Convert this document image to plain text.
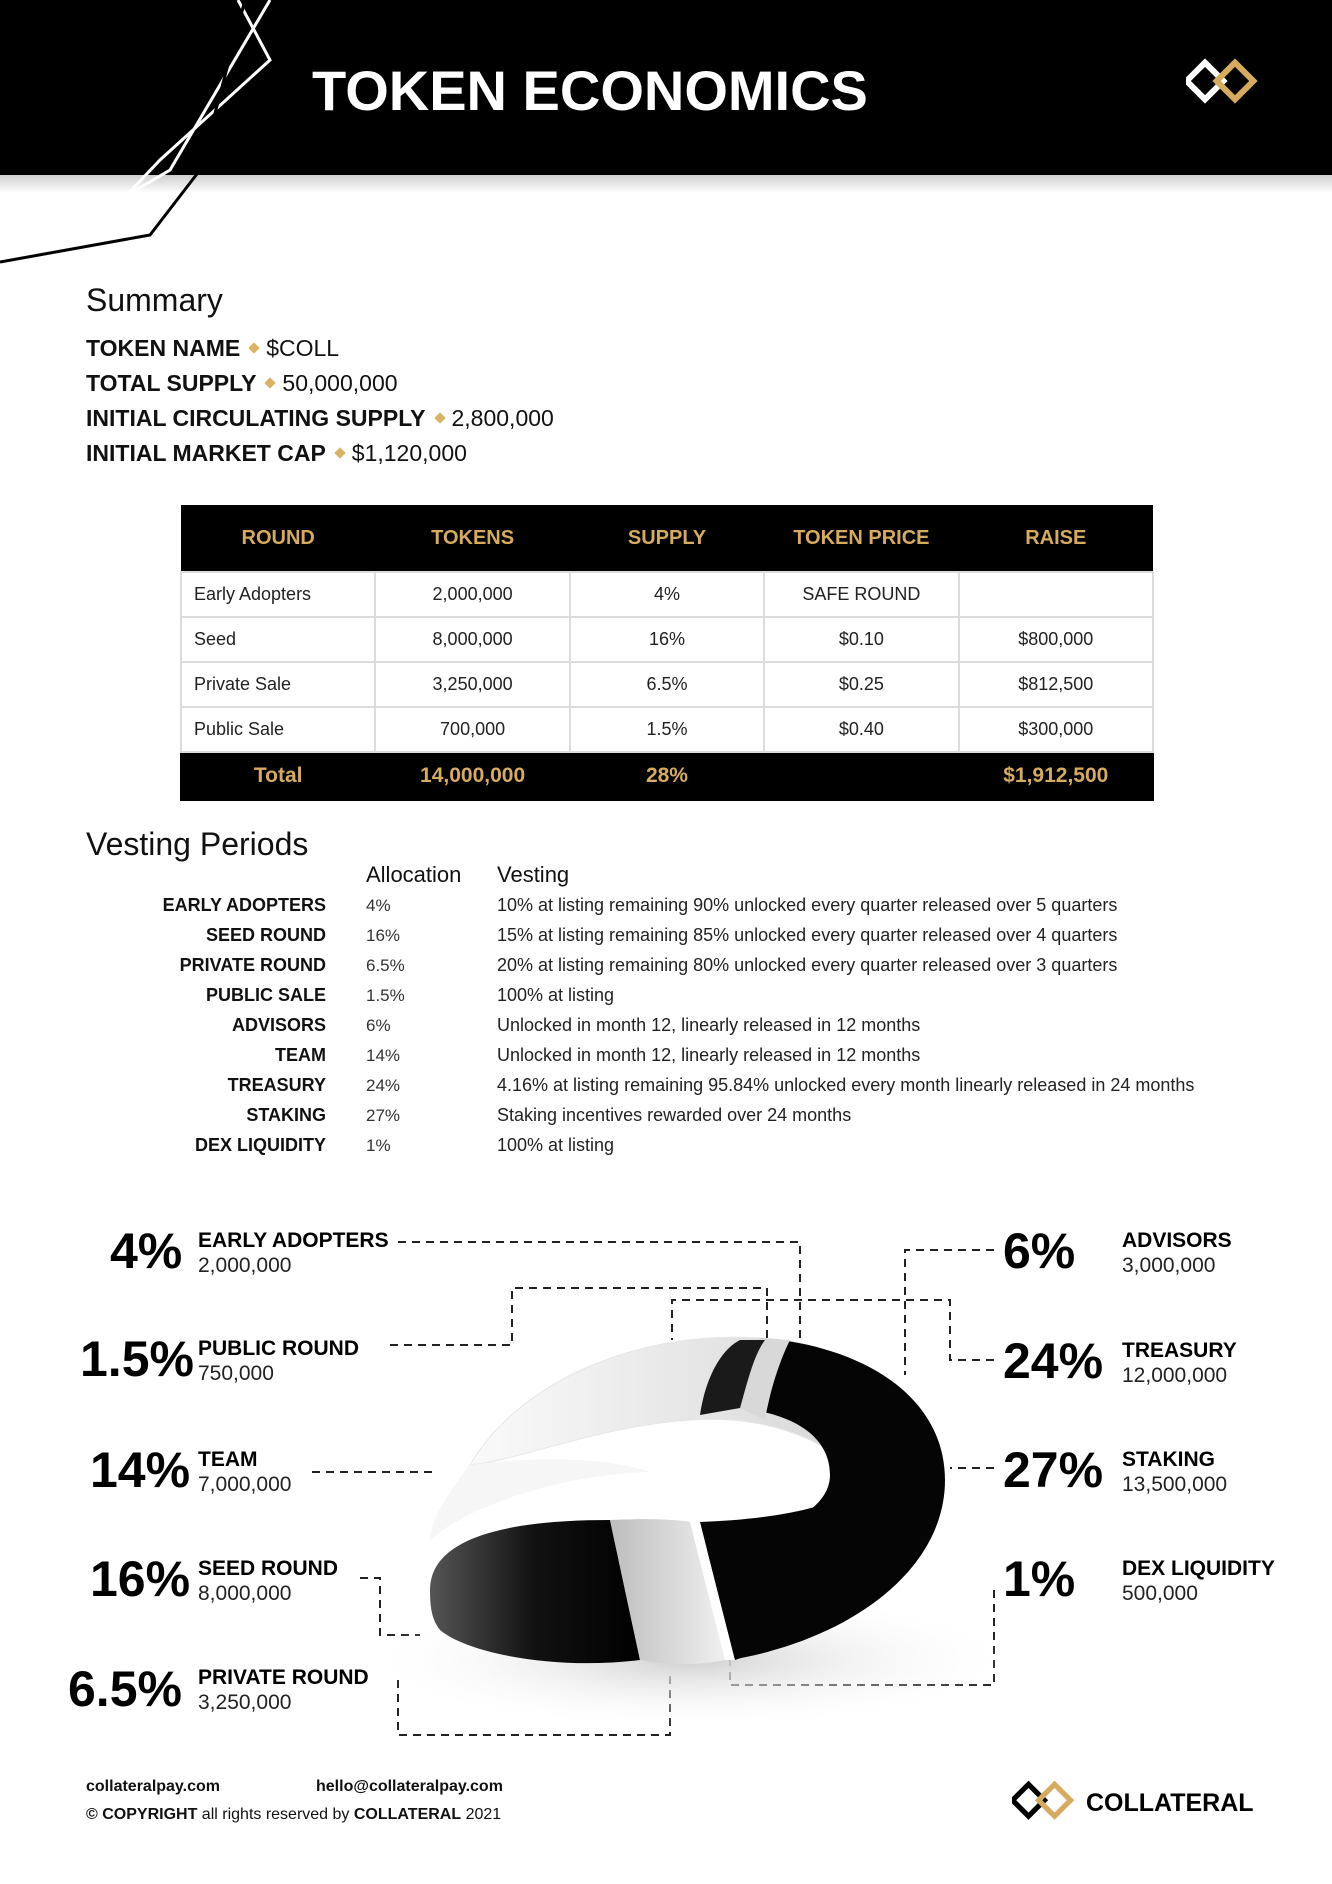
TOKEN ECONOMICS
Summary
TOKEN NAME $COLL
TOTAL SUPPLY 50,000,000
INITIAL CIRCULATING SUPPLY 2,800,000
INITIAL MARKET CAP $1,120,000
ROUND	TOKENS	SUPPLY	TOKEN PRICE	RAISE
Early Adopters	2,000,000	4%	SAFE ROUND	
Seed	8,000,000	16%	$0.10	$800,000
Private Sale	3,250,000	6.5%	$0.25	$812,500
Public Sale	700,000	1.5%	$0.40	$300,000
Total	14,000,000	28%		$1,912,500
Vesting Periods
Allocation Vesting
EARLY ADOPTERS 4%	10% at listing remaining 90% unlocked every quarter released over 5 quarters
SEED ROUND 16%	15% at listing remaining 85% unlocked every quarter released over 4 quarters
PRIVATE ROUND 6.5%	20% at listing remaining 80% unlocked every quarter released over 3 quarters
PUBLIC SALE 1.5%	100% at listing
ADVISORS 6%	Unlocked in month 12, linearly released in 12 months
TEAM 14%	Unlocked in month 12, linearly released in 12 months
TREASURY 24%	4.16% at listing remaining 95.84% unlocked every month linearly released in 24 months
STAKING 27%	Staking incentives rewarded over 24 months
DEX LIQUIDITY 1%	100% at listing
4% EARLY ADOPTERS
2,000,000
1.5% PUBLIC ROUND
750,000
14% TEAM
7,000,000
16% SEED ROUND
8,000,000
6.5% PRIVATE ROUND
3,250,000
6% ADVISORS
3,000,000
24% TREASURY
12,000,000
27% STAKING
13,500,000
1% DEX LIQUIDITY
500,000
collateralpay.com	hello@collateralpay.com
© COPYRIGHT all rights reserved by COLLATERAL 2021	COLLATERAL
